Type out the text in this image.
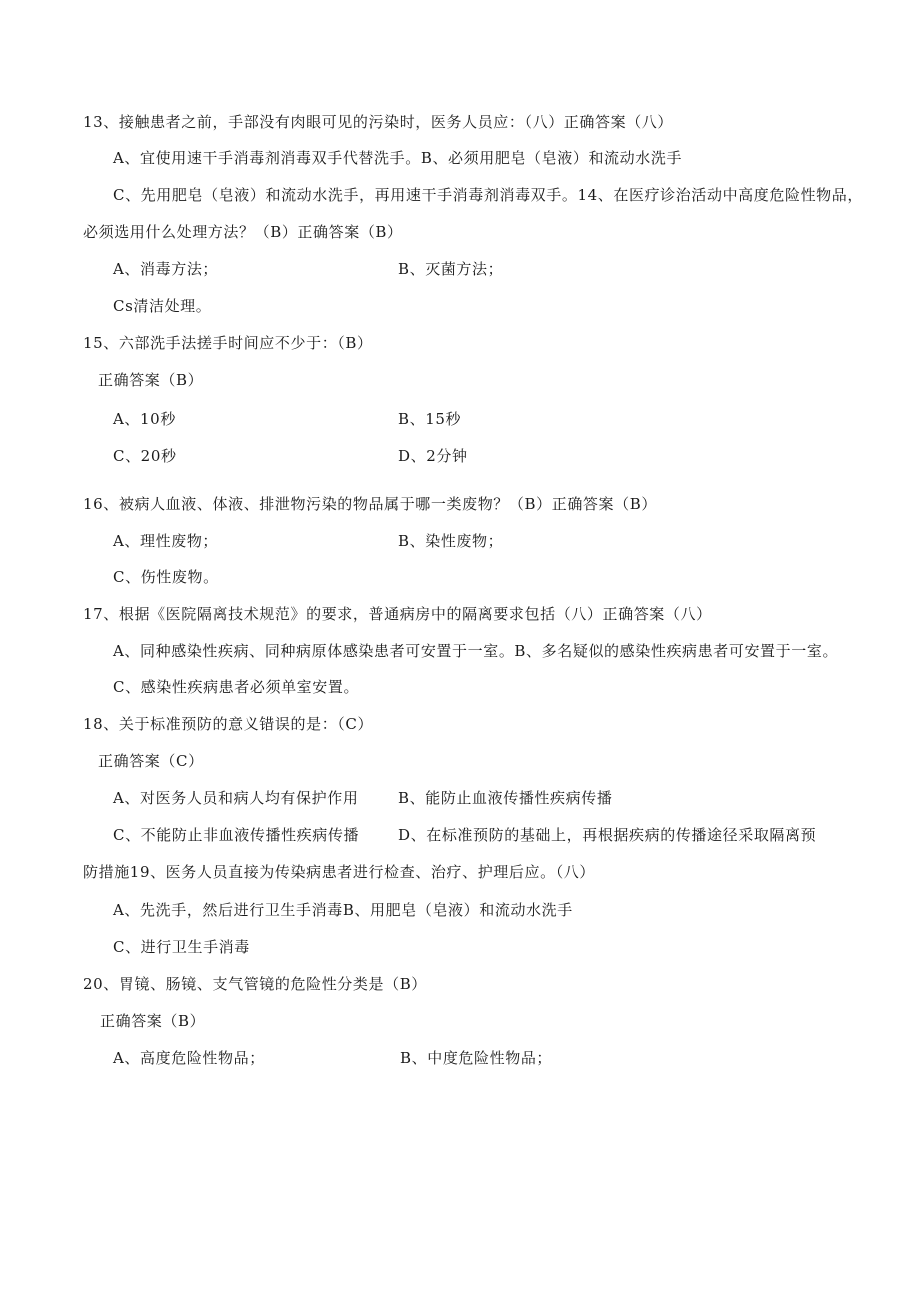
13、接触患者之前，手部没有肉眼可见的污染时，医务人员应：（八）正确答案（八）
A、宜使用速干手消毒剂消毒双手代替洗手。B、必须用肥皂（皂液）和流动水洗手
C、先用肥皂（皂液）和流动水洗手，再用速干手消毒剂消毒双手。14、在医疗诊治活动中高度危险性物品，
必须选用什么处理方法？（B）正确答案（B）
A、消毒方法；	B、灭菌方法；
Cs清洁处理。
15、六部洗手法搓手时间应不少于：（B）
正确答案（B）
A、10秒	B、15秒
C、20秒	D、2分钟
16、被病人血液、体液、排泄物污染的物品属于哪一类废物？（B）正确答案（B）
A、理性废物；	B、染性废物；
C、伤性废物。
17、根据《医院隔离技术规范》的要求，普通病房中的隔离要求包括（八）正确答案（八）
A、同种感染性疾病、同种病原体感染患者可安置于一室。B、多名疑似的感染性疾病患者可安置于一室。
C、感染性疾病患者必须单室安置。
18、关于标准预防的意义错误的是：（C）
正确答案（C）
A、对医务人员和病人均有保护作用	B、能防止血液传播性疾病传播
C、不能防止非血液传播性疾病传播	D、在标准预防的基础上，再根据疾病的传播途径采取隔离预
防措施19、医务人员直接为传染病患者进行检查、治疗、护理后应。（八）
A、先洗手，然后进行卫生手消毒B、用肥皂（皂液）和流动水洗手
C、进行卫生手消毒
20、胃镜、肠镜、支气管镜的危险性分类是（B）
正确答案（B）
A、高度危险性物品；	B、中度危险性物品；
